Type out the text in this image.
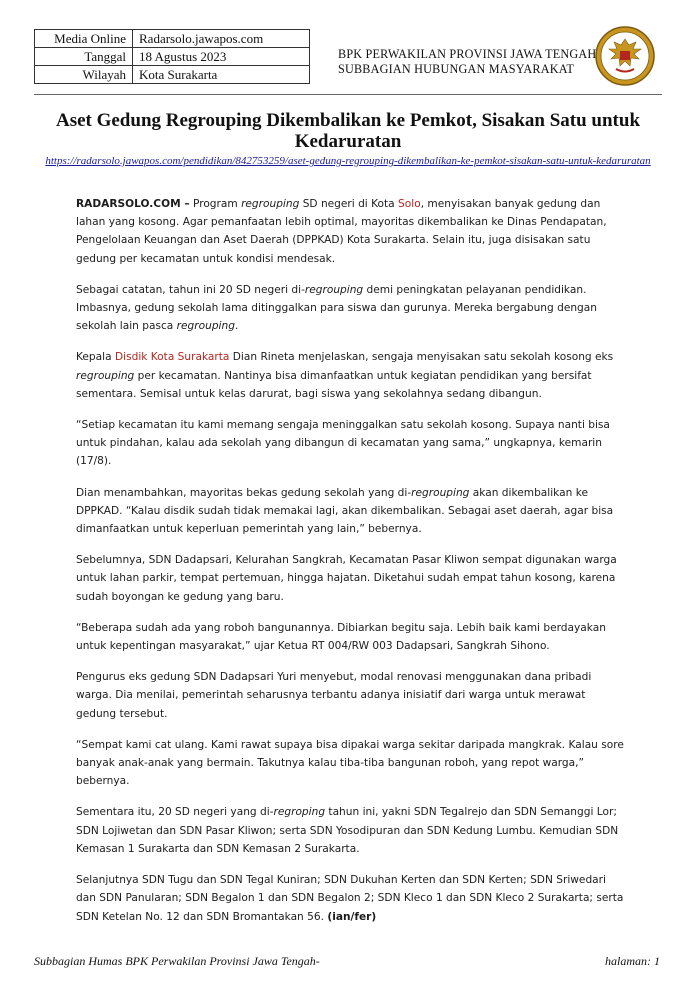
Media Online	Radarsolo.jawapos.com
Tanggal	18 Agustus 2023
Wilayah	Kota Surakarta
BPK PERWAKILAN PROVINSI JAWA TENGAH
SUBBAGIAN HUBUNGAN MASYARAKAT
Aset Gedung Regrouping Dikembalikan ke Pemkot, Sisakan Satu untuk Kedaruratan
https://radarsolo.jawapos.com/pendidikan/842753259/aset-gedung-regrouping-dikembalikan-ke-pemkot-sisakan-satu-untuk-kedaruratan

RADARSOLO.COM – Program regrouping SD negeri di Kota Solo, menyisakan banyak gedung dan lahan yang kosong. Agar pemanfaatan lebih optimal, mayoritas dikembalikan ke Dinas Pendapatan, Pengelolaan Keuangan dan Aset Daerah (DPPKAD) Kota Surakarta. Selain itu, juga disisakan satu gedung per kecamatan untuk kondisi mendesak.

Sebagai catatan, tahun ini 20 SD negeri di-regrouping demi peningkatan pelayanan pendidikan. Imbasnya, gedung sekolah lama ditinggalkan para siswa dan gurunya. Mereka bergabung dengan sekolah lain pasca regrouping.

Kepala Disdik Kota Surakarta Dian Rineta menjelaskan, sengaja menyisakan satu sekolah kosong eks regrouping per kecamatan. Nantinya bisa dimanfaatkan untuk kegiatan pendidikan yang bersifat sementara. Semisal untuk kelas darurat, bagi siswa yang sekolahnya sedang dibangun.

“Setiap kecamatan itu kami memang sengaja meninggalkan satu sekolah kosong. Supaya nanti bisa untuk pindahan, kalau ada sekolah yang dibangun di kecamatan yang sama,” ungkapnya, kemarin (17/8).

Dian menambahkan, mayoritas bekas gedung sekolah yang di-regrouping akan dikembalikan ke DPPKAD. “Kalau disdik sudah tidak memakai lagi, akan dikembalikan. Sebagai aset daerah, agar bisa dimanfaatkan untuk keperluan pemerintah yang lain,” bebernya.

Sebelumnya, SDN Dadapsari, Kelurahan Sangkrah, Kecamatan Pasar Kliwon sempat digunakan warga untuk lahan parkir, tempat pertemuan, hingga hajatan. Diketahui sudah empat tahun kosong, karena sudah boyongan ke gedung yang baru.

“Beberapa sudah ada yang roboh bangunannya. Dibiarkan begitu saja. Lebih baik kami berdayakan untuk kepentingan masyarakat,” ujar Ketua RT 004/RW 003 Dadapsari, Sangkrah Sihono.

Pengurus eks gedung SDN Dadapsari Yuri menyebut, modal renovasi menggunakan dana pribadi warga. Dia menilai, pemerintah seharusnya terbantu adanya inisiatif dari warga untuk merawat gedung tersebut.

“Sempat kami cat ulang. Kami rawat supaya bisa dipakai warga sekitar daripada mangkrak. Kalau sore banyak anak-anak yang bermain. Takutnya kalau tiba-tiba bangunan roboh, yang repot warga,” bebernya.

Sementara itu, 20 SD negeri yang di-regroping tahun ini, yakni SDN Tegalrejo dan SDN Semanggi Lor; SDN Lojiwetan dan SDN Pasar Kliwon; serta SDN Yosodipuran dan SDN Kedung Lumbu. Kemudian SDN Kemasan 1 Surakarta dan SDN Kemasan 2 Surakarta.

Selanjutnya SDN Tugu dan SDN Tegal Kuniran; SDN Dukuhan Kerten dan SDN Kerten; SDN Sriwedari dan SDN Panularan; SDN Begalon 1 dan SDN Begalon 2; SDN Kleco 1 dan SDN Kleco 2 Surakarta; serta SDN Ketelan No. 12 dan SDN Bromantakan 56. (ian/fer)

Subbagian Humas BPK Perwakilan Provinsi Jawa Tengah-	halaman: 1
